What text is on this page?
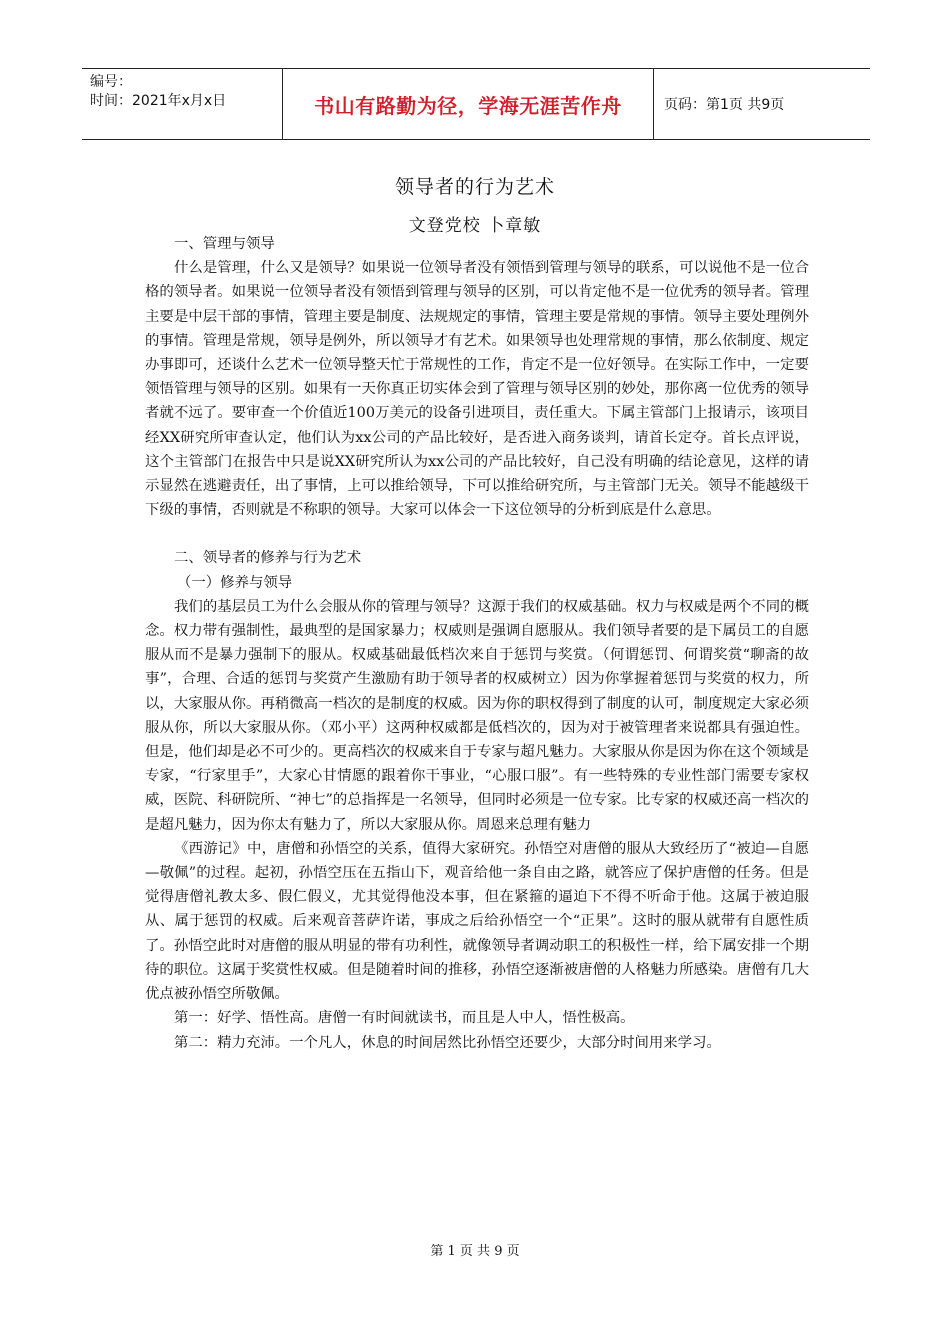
编号：
时间：2021年x月x日	书山有路勤为径，学海无涯苦作舟	页码：第1页 共9页
领导者的行为艺术
文登党校 卜章敏

一、管理与领导

什么是管理，什么又是领导？如果说一位领导者没有领悟到管理与领导的联系，可以说他不是一位合格的领导者。如果说一位领导者没有领悟到管理与领导的区别，可以肯定他不是一位优秀的领导者。管理主要是中层干部的事情，管理主要是制度、法规规定的事情，管理主要是常规的事情。领导主要处理例外的事情。管理是常规，领导是例外，所以领导才有艺术。如果领导也处理常规的事情，那么依制度、规定办事即可，还谈什么艺术一位领导整天忙于常规性的工作，肯定不是一位好领导。在实际工作中，一定要领悟管理与领导的区别。如果有一天你真正切实体会到了管理与领导区别的妙处，那你离一位优秀的领导者就不远了。要审查一个价值近100万美元的设备引进项目，责任重大。下属主管部门上报请示，该项目经XX研究所审查认定，他们认为xx公司的产品比较好，是否进入商务谈判，请首长定夺。首长点评说，这个主管部门在报告中只是说XX研究所认为xx公司的产品比较好，自己没有明确的结论意见，这样的请示显然在逃避责任，出了事情，上可以推给领导，下可以推给研究所，与主管部门无关。领导不能越级干下级的事情，否则就是不称职的领导。大家可以体会一下这位领导的分析到底是什么意思。

二、领导者的修养与行为艺术

（一）修养与领导

我们的基层员工为什么会服从你的管理与领导？这源于我们的权威基础。权力与权威是两个不同的概念。权力带有强制性，最典型的是国家暴力；权威则是强调自愿服从。我们领导者要的是下属员工的自愿服从而不是暴力强制下的服从。权威基础最低档次来自于惩罚与奖赏。（何谓惩罚、何谓奖赏“聊斋的故事”，合理、合适的惩罚与奖赏产生激励有助于领导者的权威树立）因为你掌握着惩罚与奖赏的权力，所以，大家服从你。再稍微高一档次的是制度的权威。因为你的职权得到了制度的认可，制度规定大家必须服从你，所以大家服从你。（邓小平）这两种权威都是低档次的，因为对于被管理者来说都具有强迫性。但是，他们却是必不可少的。更高档次的权威来自于专家与超凡魅力。大家服从你是因为你在这个领域是专家，“行家里手”，大家心甘情愿的跟着你干事业，“心服口服”。有一些特殊的专业性部门需要专家权威，医院、科研院所、“神七”的总指挥是一名领导，但同时必须是一位专家。比专家的权威还高一档次的是超凡魅力，因为你太有魅力了，所以大家服从你。周恩来总理有魅力

《西游记》中，唐僧和孙悟空的关系，值得大家研究。孙悟空对唐僧的服从大致经历了“被迫—自愿—敬佩”的过程。起初，孙悟空压在五指山下，观音给他一条自由之路，就答应了保护唐僧的任务。但是觉得唐僧礼教太多、假仁假义，尤其觉得他没本事，但在紧箍的逼迫下不得不听命于他。这属于被迫服从、属于惩罚的权威。后来观音菩萨许诺，事成之后给孙悟空一个“正果”。这时的服从就带有自愿性质了。孙悟空此时对唐僧的服从明显的带有功利性，就像领导者调动职工的积极性一样，给下属安排一个期待的职位。这属于奖赏性权威。但是随着时间的推移，孙悟空逐渐被唐僧的人格魅力所感染。唐僧有几大优点被孙悟空所敬佩。

第一：好学、悟性高。唐僧一有时间就读书，而且是人中人，悟性极高。

第二：精力充沛。一个凡人，休息的时间居然比孙悟空还要少，大部分时间用来学习。

第 1 页 共 9 页
